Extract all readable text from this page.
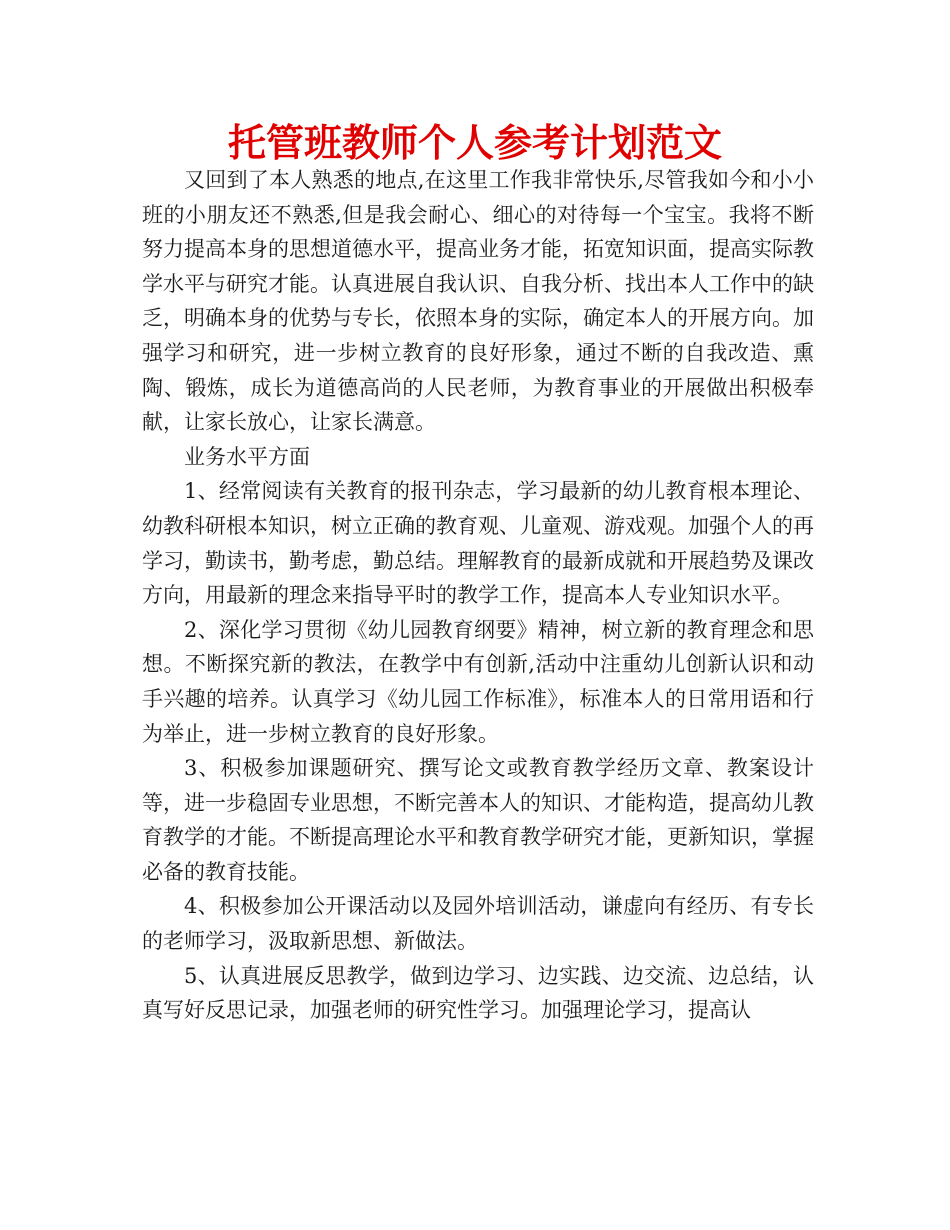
托管班教师个人参考计划范文

又回到了本人熟悉的地点,在这里工作我非常快乐,尽管我如今和小小班的小朋友还不熟悉,但是我会耐心、细心的对待每一个宝宝。我将不断努力提高本身的思想道德水平，提高业务才能，拓宽知识面，提高实际教学水平与研究才能。认真进展自我认识、自我分析、找出本人工作中的缺乏，明确本身的优势与专长，依照本身的实际，确定本人的开展方向。加强学习和研究，进一步树立教育的良好形象，通过不断的自我改造、熏陶、锻炼，成长为道德高尚的人民老师，为教育事业的开展做出积极奉献，让家长放心，让家长满意。

业务水平方面

1、经常阅读有关教育的报刊杂志，学习最新的幼儿教育根本理论、幼教科研根本知识，树立正确的教育观、儿童观、游戏观。加强个人的再学习，勤读书，勤考虑，勤总结。理解教育的最新成就和开展趋势及课改方向，用最新的理念来指导平时的教学工作，提高本人专业知识水平。

2、深化学习贯彻《幼儿园教育纲要》精神，树立新的教育理念和思想。不断探究新的教法，在教学中有创新,活动中注重幼儿创新认识和动手兴趣的培养。认真学习《幼儿园工作标准》，标准本人的日常用语和行为举止，进一步树立教育的良好形象。

3、积极参加课题研究、撰写论文或教育教学经历文章、教案设计等，进一步稳固专业思想，不断完善本人的知识、才能构造，提高幼儿教育教学的才能。不断提高理论水平和教育教学研究才能，更新知识，掌握必备的教育技能。

4、积极参加公开课活动以及园外培训活动，谦虚向有经历、有专长的老师学习，汲取新思想、新做法。

5、认真进展反思教学，做到边学习、边实践、边交流、边总结，认真写好反思记录，加强老师的研究性学习。加强理论学习，提高认
